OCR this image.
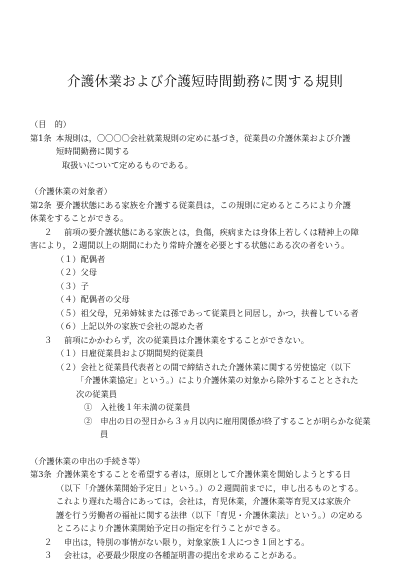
介護休業および介護短時間勤務に関する規則

（目　的）

第1条 本規則は，〇〇〇〇会社就業規則の定めに基づき，従業員の介護休業および介護

短時間勤務に関する

取扱いについて定めるものである。

（介護休業の対象者）

第2条 要介護状態にある家族を介護する従業員は，この規則に定めるところにより介護

休業をすることができる。

２	前項の要介護状態にある家族とは，負傷，疾病または身体上若しくは精神上の障

害により，２週間以上の期間にわたり常時介護を必要とする状態にある次の者をいう。

（１）配偶者

（２）父母

（３）子

（４）配偶者の父母

（５）祖父母，兄弟姉妹または孫であって従業員と同居し，かつ，扶養している者

（６）上記以外の家族で会社の認めた者

３	前項にかかわらず，次の従業員は介護休業をすることができない。

（１）日雇従業員および期間契約従業員

（２）会社と従業員代表者との間で締結された介護休業に関する労使協定（以下

「介護休業協定」という。）により介護休業の対象から除外することとされた

次の従業員

①　入社後１年未満の従業員

②　申出の日の翌日から３ヵ月以内に雇用関係が終了することが明らかな従業

員

（介護休業の申出の手続き等）

第3条 介護休業をすることを希望する者は，原則として介護休業を開始しようとする日

（以下「介護休業開始予定日」という。）の２週間前までに，申し出るものとする。

これより遅れた場合にあっては，会社は，育児休業，介護休業等育児又は家族介

護を行う労働者の福祉に関する法律（以下「育児・介護休業法」という。）の定める

ところにより介護休業開始予定日の指定を行うことができる。

２	申出は，特別の事情がない限り，対象家族１人につき１回とする。
３	会社は，必要最少限度の各種証明書の提出を求めることがある。
